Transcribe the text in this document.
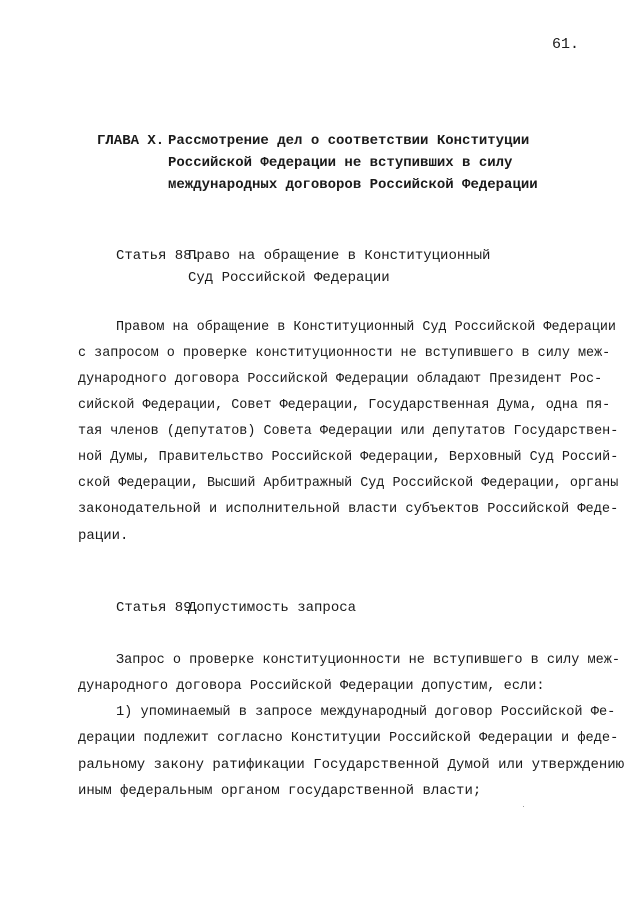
61.
ГЛАВА X. Рассмотрение дел о соответствии Конституции
Российской Федерации не вступивших в силу
международных договоров Российской Федерации
Статья 88.
Право на обращение в Конституционный
Суд Российской Федерации
Правом на обращение в Конституционный Суд Российской Федерации
с запросом о проверке конституционности не вступившего в силу меж-
дународного договора Российской Федерации обладают Президент Рос-
сийской Федерации, Совет Федерации, Государственная Дума, одна пя-
тая членов (депутатов) Совета Федерации или депутатов Государствен-
ной Думы, Правительство Российской Федерации, Верховный Суд Россий-
ской Федерации, Высший Арбитражный Суд Российской Федерации, органы
законодательной и исполнительной власти субъектов Российской Феде-
рации.
Статья 89.
Допустимость запроса
Запрос о проверке конституционности не вступившего в силу меж-
дународного договора Российской Федерации допустим, если:
1) упоминаемый в запросе международный договор Российской Фе-
дерации подлежит согласно Конституции Российской Федерации и феде-
ральному закону ратификации Государственной Думой или утверждению
иным федеральным органом государственной власти;
